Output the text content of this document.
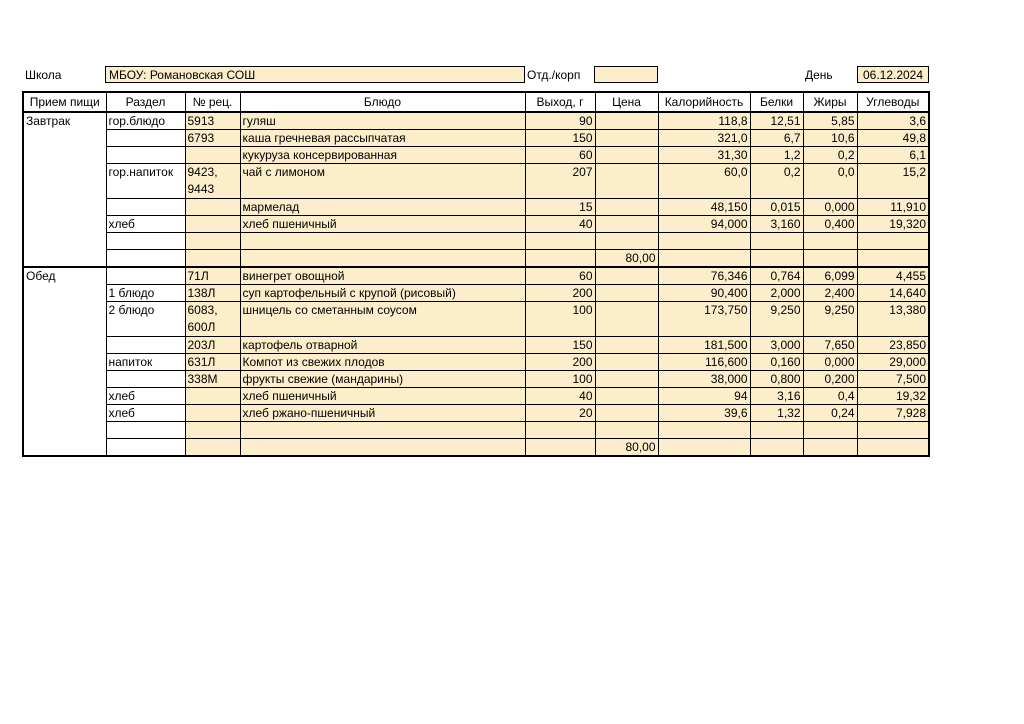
Школа	МБОУ: Романовская СОШ	Отд./корп	День	06.12.2024
Прием пищи	Раздел	№ рец.	Блюдо	Выход, г	Цена	Калорийность	Белки	Жиры	Углеводы
Завтрак	гор.блюдо	5913	гуляш	90		118,8	12,51	5,85	3,6
		6793	каша гречневая рассыпчатая	150		321,0	6,7	10,6	49,8
			кукуруза консервированная	60		31,30	1,2	0,2	6,1
	гор.напиток	9423, 9443	чай с лимоном	207		60,0	0,2	0,0	15,2
			мармелад	15		48,150	0,015	0,000	11,910
	хлеб		хлеб пшеничный	40		94,000	3,160	0,400	19,320

					80,00				
Обед		71Л	винегрет овощной	60		76,346	0,764	6,099	4,455
	1 блюдо	138Л	суп картофельный с крупой (рисовый)	200		90,400	2,000	2,400	14,640
	2 блюдо	6083, 600Л	шницель со сметанным соусом	100		173,750	9,250	9,250	13,380
		203Л	картофель отварной	150		181,500	3,000	7,650	23,850
	напиток	631Л	Компот из свежих плодов	200		116,600	0,160	0,000	29,000
		338М	фрукты свежие (мандарины)	100		38,000	0,800	0,200	7,500
	хлеб		хлеб пшеничный	40		94	3,16	0,4	19,32
	хлеб		хлеб ржано-пшеничный	20		39,6	1,32	0,24	7,928

					80,00				
